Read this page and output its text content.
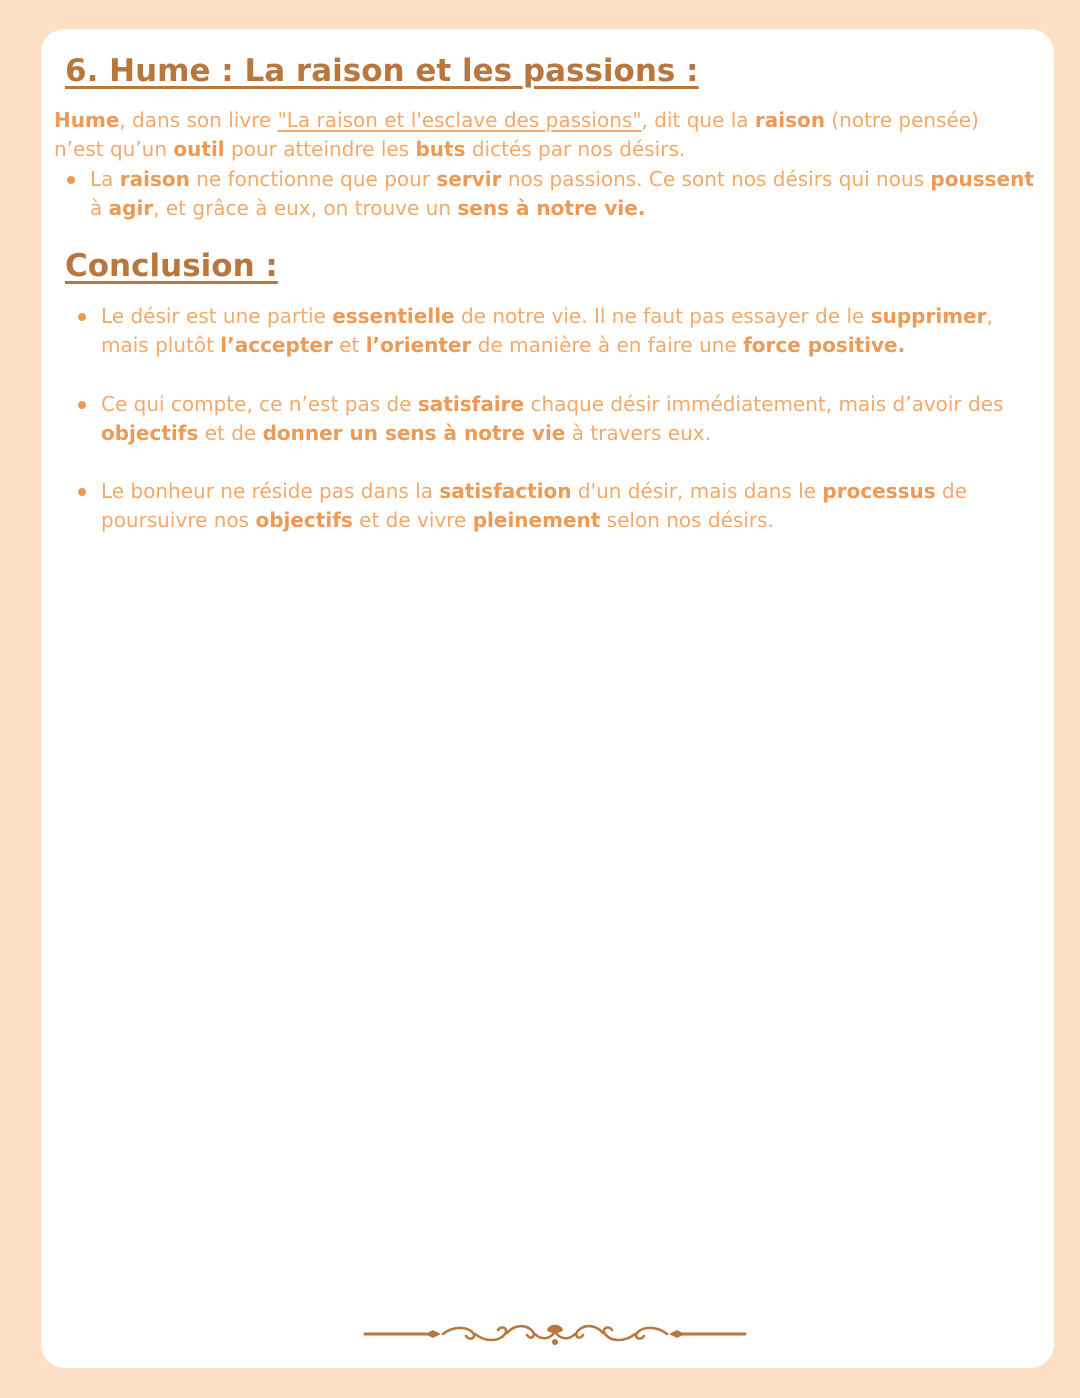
6. Hume : La raison et les passions :

Hume, dans son livre "La raison et l'esclave des passions", dit que la raison (notre pensée) n’est qu’un outil pour atteindre les buts dictés par nos désirs.

La raison ne fonctionne que pour servir nos passions. Ce sont nos désirs qui nous poussent à agir, et grâce à eux, on trouve un sens à notre vie.

Conclusion :

Le désir est une partie essentielle de notre vie. Il ne faut pas essayer de le supprimer, mais plutôt l’accepter et l’orienter de manière à en faire une force positive.

Ce qui compte, ce n’est pas de satisfaire chaque désir immédiatement, mais d’avoir des objectifs et de donner un sens à notre vie à travers eux.

Le bonheur ne réside pas dans la satisfaction d'un désir, mais dans le processus de poursuivre nos objectifs et de vivre pleinement selon nos désirs.
